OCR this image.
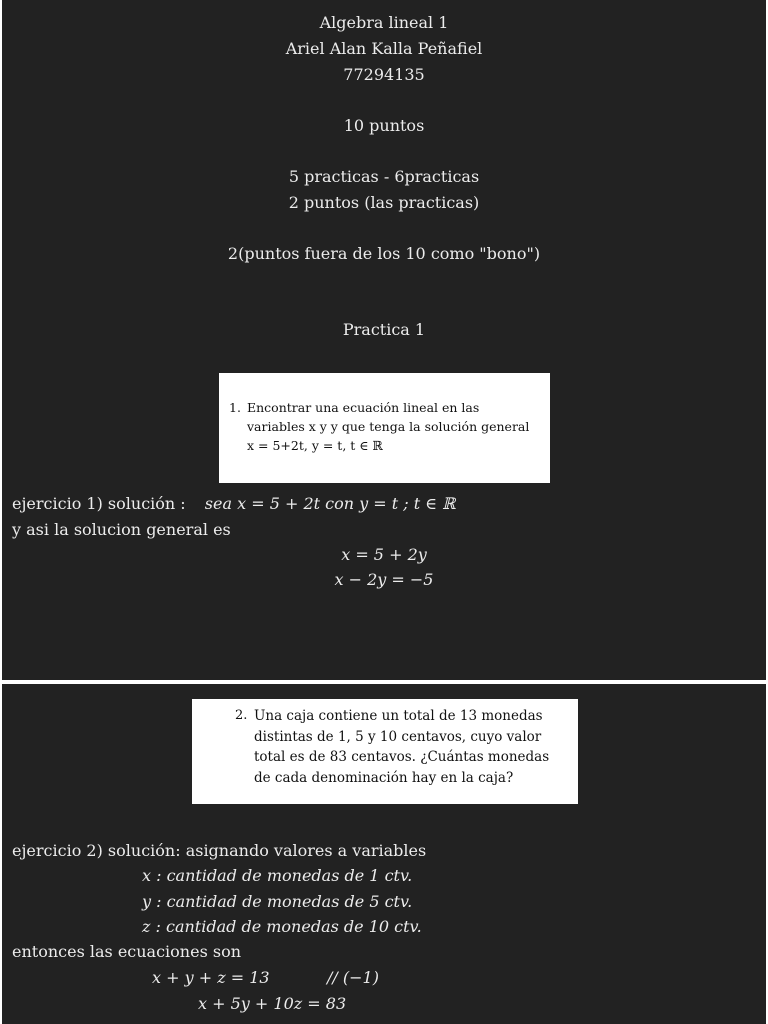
Algebra lineal 1
Ariel Alan Kalla Peñafiel
77294135
10 puntos
5 practicas - 6practicas
2 puntos (las practicas)
2(puntos fuera de los 10 como "bono")
Practica 1
1. Encontrar una ecuación lineal en las variables x y y que tenga la solución general x = 5+2t, y = t, t ∈ ℝ
ejercicio 1) solución : sea x = 5 + 2t con y = t ; t ∈ ℝ
y asi la solucion general es
x = 5 + 2y
x − 2y = −5
2. Una caja contiene un total de 13 monedas distintas de 1, 5 y 10 centavos, cuyo valor total es de 83 centavos. ¿Cuántas monedas de cada denominación hay en la caja?
ejercicio 2) solución: asignando valores a variables
x : cantidad de monedas de 1 ctv.
y : cantidad de monedas de 5 ctv.
z : cantidad de monedas de 10 ctv.
entonces las ecuaciones son
x + y + z = 13	// (−1)
x + 5y + 10z = 83
